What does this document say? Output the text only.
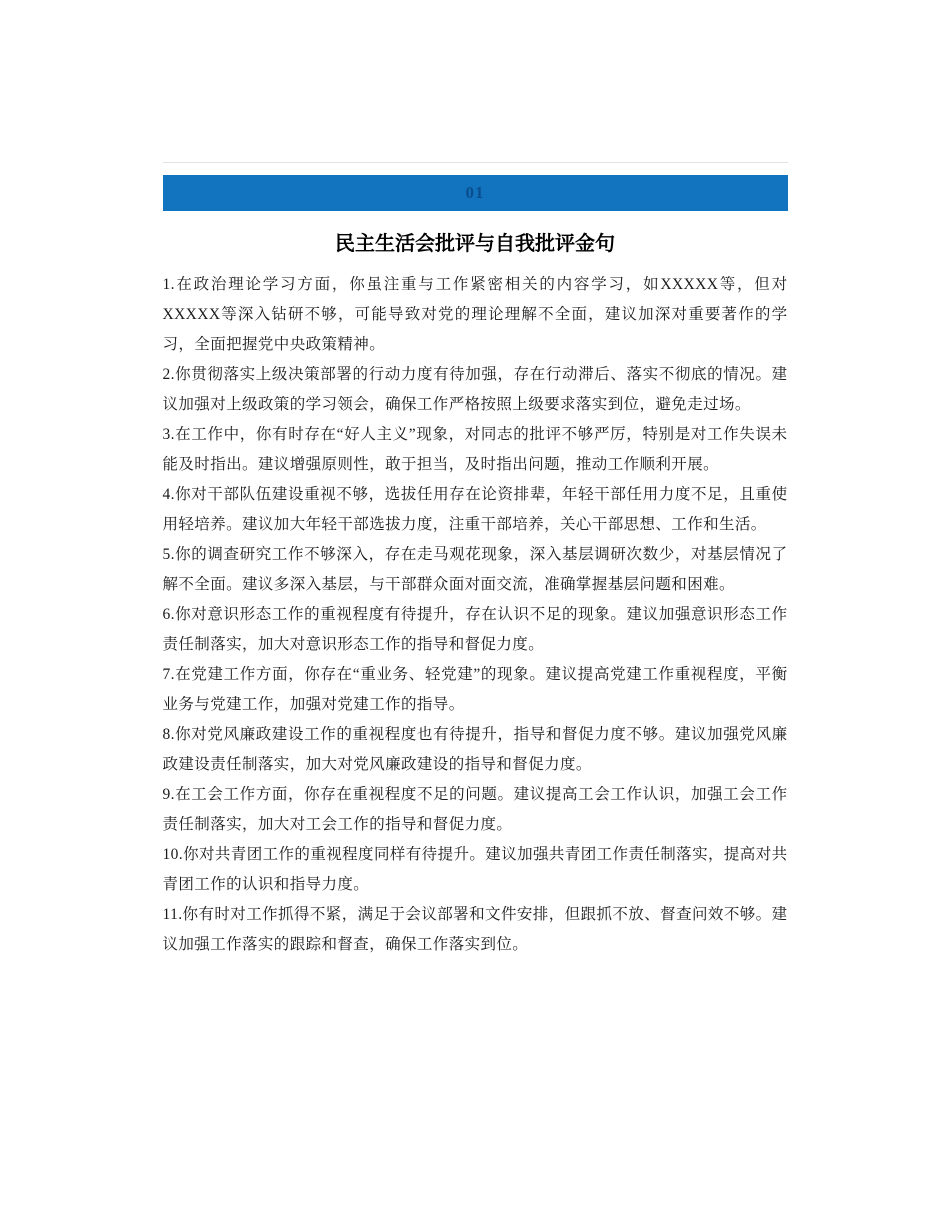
01
民主生活会批评与自我批评金句

1.在政治理论学习方面，你虽注重与工作紧密相关的内容学习，如XXXXX等，但对XXXXX等深入钻研不够，可能导致对党的理论理解不全面，建议加深对重要著作的学习，全面把握党中央政策精神。

2.你贯彻落实上级决策部署的行动力度有待加强，存在行动滞后、落实不彻底的情况。建议加强对上级政策的学习领会，确保工作严格按照上级要求落实到位，避免走过场。

3.在工作中，你有时存在“好人主义”现象，对同志的批评不够严厉，特别是对工作失误未能及时指出。建议增强原则性，敢于担当，及时指出问题，推动工作顺利开展。

4.你对干部队伍建设重视不够，选拔任用存在论资排辈，年轻干部任用力度不足，且重使用轻培养。建议加大年轻干部选拔力度，注重干部培养，关心干部思想、工作和生活。

5.你的调查研究工作不够深入，存在走马观花现象，深入基层调研次数少，对基层情况了解不全面。建议多深入基层，与干部群众面对面交流，准确掌握基层问题和困难。

6.你对意识形态工作的重视程度有待提升，存在认识不足的现象。建议加强意识形态工作责任制落实，加大对意识形态工作的指导和督促力度。

7.在党建工作方面，你存在“重业务、轻党建”的现象。建议提高党建工作重视程度，平衡业务与党建工作，加强对党建工作的指导。

8.你对党风廉政建设工作的重视程度也有待提升，指导和督促力度不够。建议加强党风廉政建设责任制落实，加大对党风廉政建设的指导和督促力度。

9.在工会工作方面，你存在重视程度不足的问题。建议提高工会工作认识，加强工会工作责任制落实，加大对工会工作的指导和督促力度。

10.你对共青团工作的重视程度同样有待提升。建议加强共青团工作责任制落实，提高对共青团工作的认识和指导力度。

11.你有时对工作抓得不紧，满足于会议部署和文件安排，但跟抓不放、督查问效不够。建议加强工作落实的跟踪和督查，确保工作落实到位。
